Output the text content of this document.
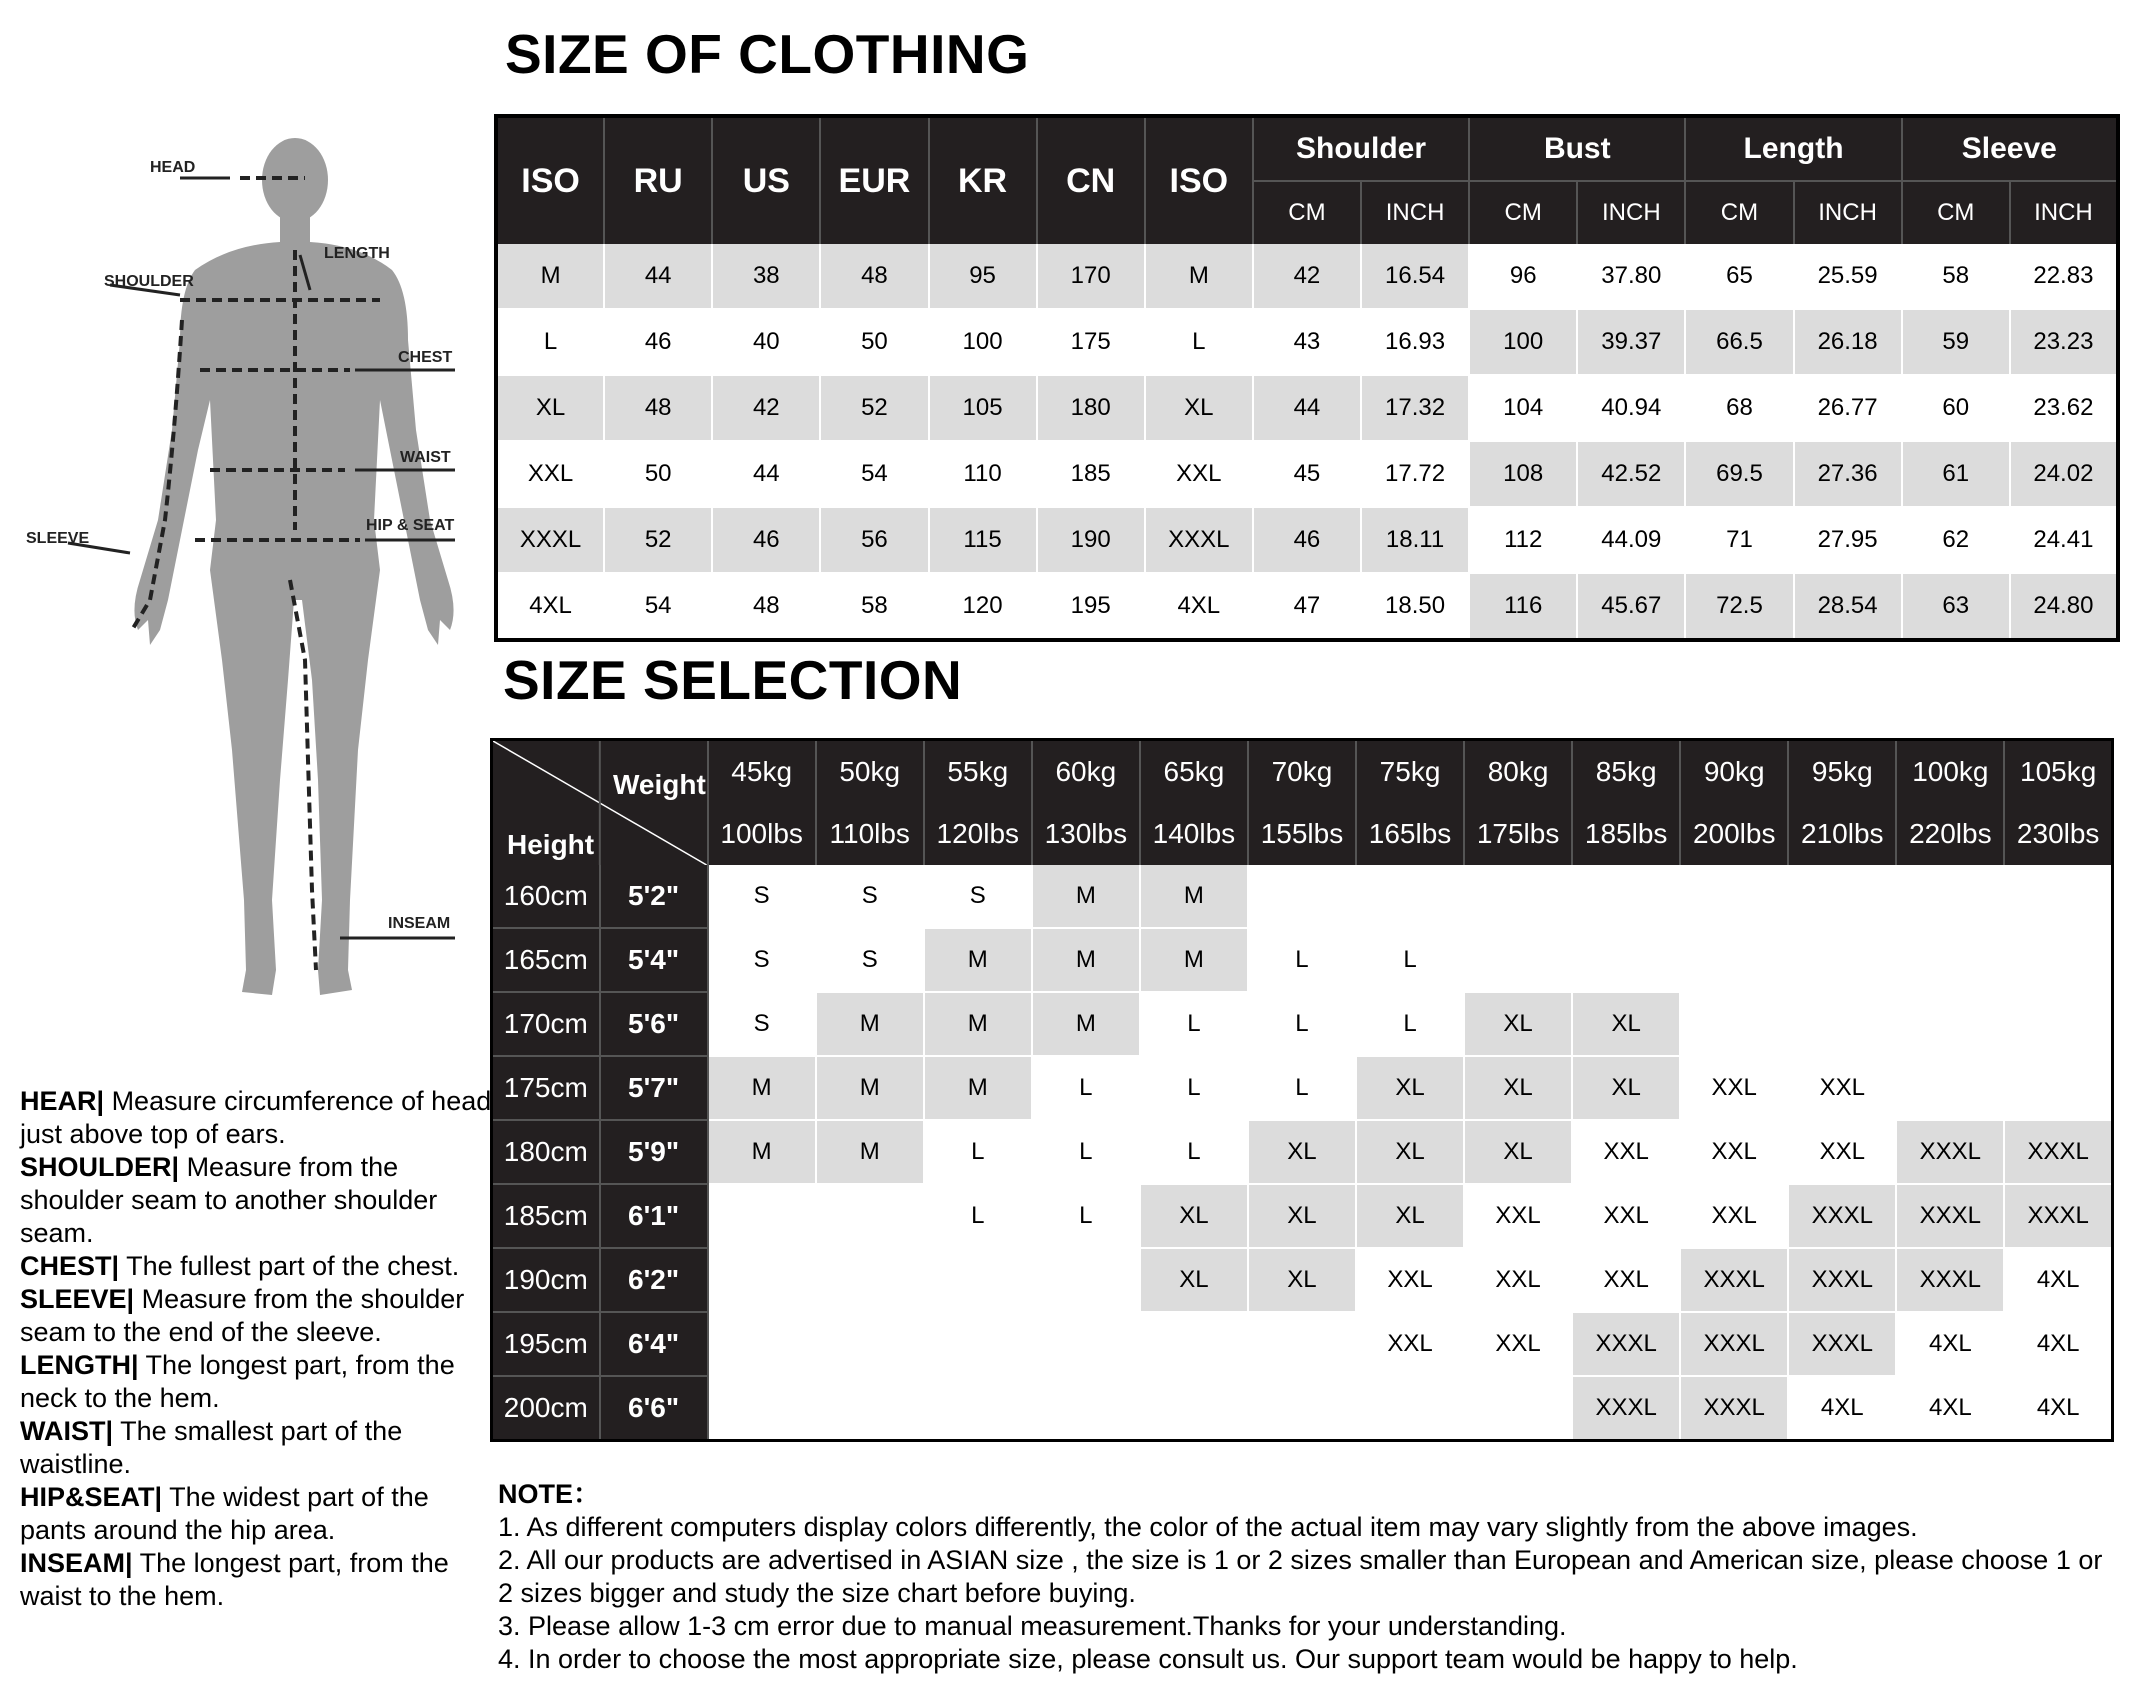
SIZE OF CLOTHING
HEAD
LENGTH
SHOULDER
CHEST
WAIST
HIP & SEAT
SLEEVE
INSEAM
ISO	RU	US	EUR	KR	CN	ISO	Shoulder		Bust		Length		Sleeve	
							CM	INCH	CM	INCH	CM	INCH	CM	INCH
M	44	38	48	95	170	M	42	16.54	96	37.80	65	25.59	58	22.83
L	46	40	50	100	175	L	43	16.93	100	39.37	66.5	26.18	59	23.23
XL	48	42	52	105	180	XL	44	17.32	104	40.94	68	26.77	60	23.62
XXL	50	44	54	110	185	XXL	45	17.72	108	42.52	69.5	27.36	61	24.02
XXXL	52	46	56	115	190	XXXL	46	18.11	112	44.09	71	27.95	62	24.41
4XL	54	48	58	120	195	4XL	47	18.50	116	45.67	72.5	28.54	63	24.80
SIZE SELECTION
Weight
Height		45kg	50kg	55kg	60kg	65kg	70kg	75kg	80kg	85kg	90kg	95kg	100kg	105kg
		100lbs	110lbs	120lbs	130lbs	140lbs	155lbs	165lbs	175lbs	185lbs	200lbs	210lbs	220lbs	230lbs
160cm	5'2"	S	S	S	M	M								
165cm	5'4"	S	S	M	M	M	L	L						
170cm	5'6"	S	M	M	M	L	L	L	XL	XL				
175cm	5'7"	M	M	M	L	L	L	XL	XL	XL	XXL	XXL		
180cm	5'9"	M	M	L	L	L	XL	XL	XL	XXL	XXL	XXL	XXXL	XXXL
185cm	6'1"			L	L	XL	XL	XL	XXL	XXL	XXL	XXXL	XXXL	XXXL
190cm	6'2"					XL	XL	XXL	XXL	XXL	XXXL	XXXL	XXXL	4XL
195cm	6'4"							XXL	XXL	XXXL	XXXL	XXXL	4XL	4XL
200cm	6'6"									XXXL	XXXL	4XL	4XL	4XL

HEAR| Measure circumference of head just above top of ears.

SHOULDER| Measure from the shoulder seam to another shoulder seam.

CHEST| The fullest part of the chest.

SLEEVE| Measure from the shoulder seam to the end of the sleeve.

LENGTH| The longest part, from the neck to the hem.

WAIST| The smallest part of the waistline.

HIP&SEAT| The widest part of the pants around the hip area.

INSEAM| The longest part, from the waist to the hem.

NOTE：

1. As different computers display colors differently, the color of the actual item may vary slightly from the above images.

2. All our products are advertised in ASIAN size , the size is 1 or 2 sizes smaller than European and American size, please choose 1 or 2 sizes bigger and study the size chart before buying.

3. Please allow 1-3 cm error due to manual measurement.Thanks for your understanding.

4. In order to choose the most appropriate size, please consult us. Our support team would be happy to help.
